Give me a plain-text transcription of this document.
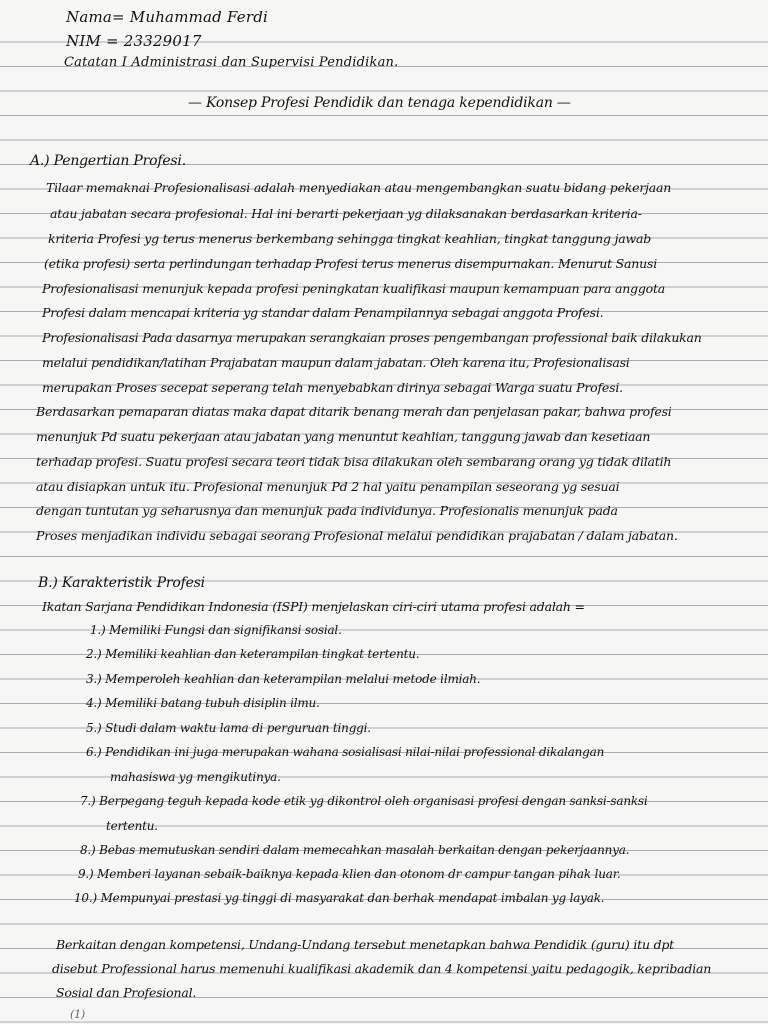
Nama= Muhammad Ferdi
NIM = 23329017
Catatan I Administrasi dan Supervisi Pendidikan.
— Konsep Profesi Pendidik dan tenaga kependidikan —
A.) Pengertian Profesi.
Tilaar memaknai Profesionalisasi adalah menyediakan atau mengembangkan suatu bidang pekerjaan
atau jabatan secara profesional. Hal ini berarti pekerjaan yg dilaksanakan berdasarkan kriteria-
kriteria Profesi yg terus menerus berkembang sehingga tingkat keahlian, tingkat tanggung jawab
(etika profesi) serta perlindungan terhadap Profesi terus menerus disempurnakan. Menurut Sanusi
Profesionalisasi menunjuk kepada profesi peningkatan kualifikasi maupun kemampuan para anggota
Profesi dalam mencapai kriteria yg standar dalam Penampilannya sebagai anggota Profesi.
Profesionalisasi Pada dasarnya merupakan serangkaian proses pengembangan professional baik dilakukan
melalui pendidikan/latihan Prajabatan maupun dalam jabatan. Oleh karena itu, Profesionalisasi
merupakan Proses secepat seperang telah menyebabkan dirinya sebagai Warga suatu Profesi.
Berdasarkan pemaparan diatas maka dapat ditarik benang merah dan penjelasan pakar, bahwa profesi
menunjuk Pd suatu pekerjaan atau jabatan yang menuntut keahlian, tanggung jawab dan kesetiaan
terhadap profesi. Suatu profesi secara teori tidak bisa dilakukan oleh sembarang orang yg tidak dilatih
atau disiapkan untuk itu. Profesional menunjuk Pd 2 hal yaitu penampilan seseorang yg sesuai
dengan tuntutan yg seharusnya dan menunjuk pada individunya. Profesionalis menunjuk pada
Proses menjadikan individu sebagai seorang Profesional melalui pendidikan prajabatan / dalam jabatan.
B.) Karakteristik Profesi
Ikatan Sarjana Pendidikan Indonesia (ISPI) menjelaskan ciri-ciri utama profesi adalah =
1.) Memiliki Fungsi dan signifikansi sosial.
2.) Memiliki keahlian dan keterampilan tingkat tertentu.
3.) Memperoleh keahlian dan keterampilan melalui metode ilmiah.
4.) Memiliki batang tubuh disiplin ilmu.
5.) Studi dalam waktu lama di perguruan tinggi.
6.) Pendidikan ini juga merupakan wahana sosialisasi nilai-nilai professional dikalangan
mahasiswa yg mengikutinya.
7.) Berpegang teguh kepada kode etik yg dikontrol oleh organisasi profesi dengan sanksi-sanksi
tertentu.
8.) Bebas memutuskan sendiri dalam memecahkan masalah berkaitan dengan pekerjaannya.
9.) Memberi layanan sebaik-baiknya kepada klien dan otonom dr campur tangan pihak luar.
10.) Mempunyai prestasi yg tinggi di masyarakat dan berhak mendapat imbalan yg layak.
Berkaitan dengan kompetensi, Undang-Undang tersebut menetapkan bahwa Pendidik (guru) itu dpt
disebut Professional harus memenuhi kualifikasi akademik dan 4 kompetensi yaitu pedagogik, kepribadian
Sosial dan Profesional.
(1)
